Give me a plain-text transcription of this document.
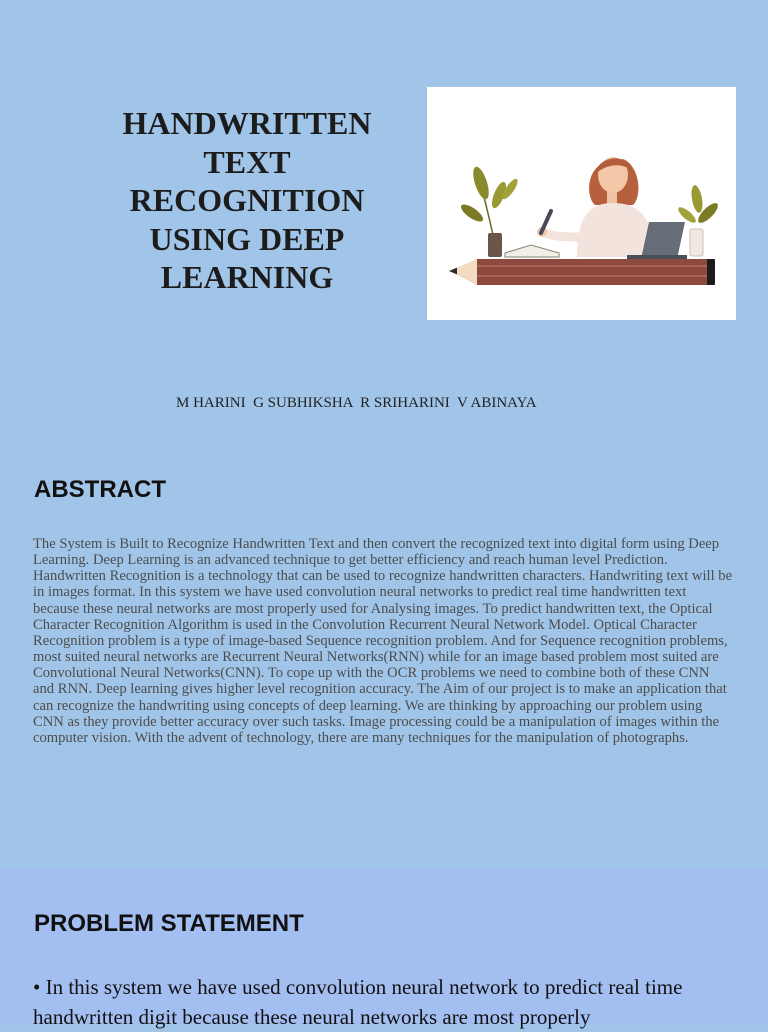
HANDWRITTEN TEXT RECOGNITION USING DEEP LEARNING

M HARINI  G SUBHIKSHA  R SRIHARINI  V ABINAYA

ABSTRACT

The System is Built to Recognize Handwritten Text and then convert the recognized text into digital form using Deep Learning. Deep Learning is an advanced technique to get better efficiency and reach human level Prediction. Handwritten Recognition is a technology that can be used to recognize handwritten characters. Handwriting text will be in images format. In this system we have used convolution neural networks to predict real time handwritten text because these neural networks are most properly used for Analysing images. To predict handwritten text, the Optical Character Recognition Algorithm is used in the Convolution Recurrent Neural Network Model. Optical Character Recognition problem is a type of image-based Sequence recognition problem. And for Sequence recognition problems, most suited neural networks are Recurrent Neural Networks(RNN) while for an image based problem most suited are Convolutional Neural Networks(CNN). To cope up with the OCR problems we need to combine both of these CNN and RNN. Deep learning gives higher level recognition accuracy. The Aim of our project is to make an application that can recognize the handwriting using concepts of deep learning. We are thinking by approaching our problem using CNN as they provide better accuracy over such tasks. Image processing could be a manipulation of images within the computer vision. With the advent of technology, there are many techniques for the manipulation of photographs.

PROBLEM STATEMENT

• In this system we have used convolution neural network to predict real time handwritten digit because these neural networks are most properly
